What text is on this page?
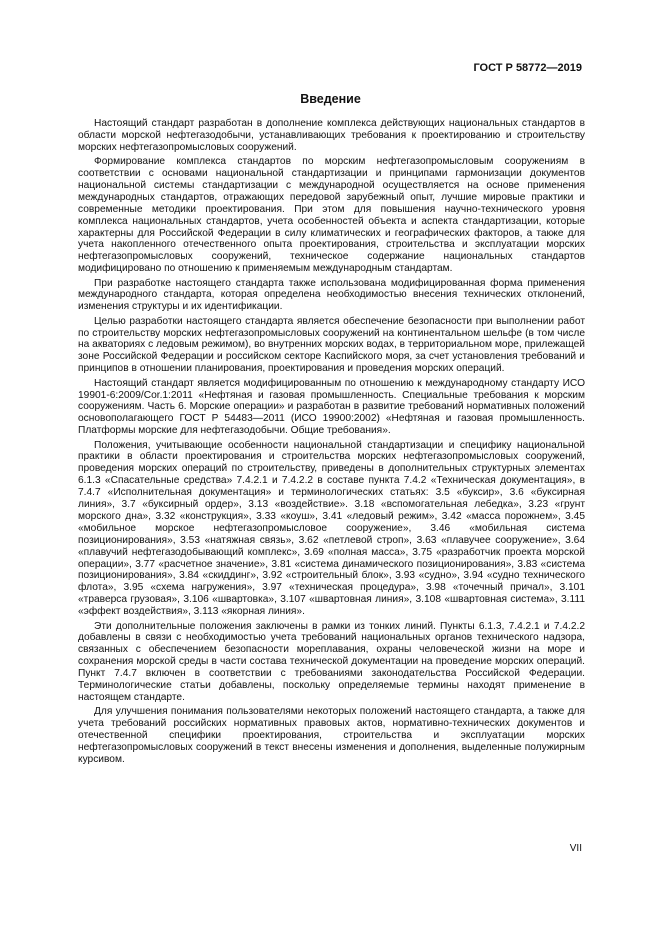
ГОСТ Р 58772—2019
Введение

Настоящий стандарт разработан в дополнение комплекса действующих национальных стандартов в области морской нефтегазодобычи, устанавливающих требования к проектированию и строительству морских нефтегазопромысловых сооружений.

Формирование комплекса стандартов по морским нефтегазопромысловым сооружениям в соответствии с основами национальной стандартизации и принципами гармонизации документов национальной системы стандартизации с международной осуществляется на основе применения международных стандартов, отражающих передовой зарубежный опыт, лучшие мировые практики и современные методики проектирования. При этом для повышения научно-технического уровня комплекса национальных стандартов, учета особенностей объекта и аспекта стандартизации, которые характерны для Российской Федерации в силу климатических и географических факторов, а также для учета накопленного отечественного опыта проектирования, строительства и эксплуатации морских нефтегазопромысловых сооружений, техническое содержание национальных стандартов модифицировано по отношению к применяемым международным стандартам.

При разработке настоящего стандарта также использована модифицированная форма применения международного стандарта, которая определена необходимостью внесения технических отклонений, изменения структуры и их идентификации.

Целью разработки настоящего стандарта является обеспечение безопасности при выполнении работ по строительству морских нефтегазопромысловых сооружений на континентальном шельфе (в том числе на акваториях с ледовым режимом), во внутренних морских водах, в территориальном море, прилежащей зоне Российской Федерации и российском секторе Каспийского моря, за счет установления требований и принципов в отношении планирования, проектирования и проведения морских операций.

Настоящий стандарт является модифицированным по отношению к международному стандарту ИСО 19901-6:2009/Cor.1:2011 «Нефтяная и газовая промышленность. Специальные требования к морским сооружениям. Часть 6. Морские операции» и разработан в развитие требований нормативных положений основополагающего ГОСТ Р 54483—2011 (ИСО 19900:2002) «Нефтяная и газовая промышленность. Платформы морские для нефтегазодобычи. Общие требования».

Положения, учитывающие особенности национальной стандартизации и специфику национальной практики в области проектирования и строительства морских нефтегазопромысловых сооружений, проведения морских операций по строительству, приведены в дополнительных структурных элементах 6.1.3 «Спасательные средства» 7.4.2.1 и 7.4.2.2 в составе пункта 7.4.2 «Техническая документация», в 7.4.7 «Исполнительная документация» и терминологических статьях: 3.5 «буксир», 3.6 «буксирная линия», 3.7 «буксирный ордер», 3.13 «воздействие». 3.18 «вспомогательная лебедка», 3.23 «грунт морского дна», 3.32 «конструкция», 3.33 «коуш», 3.41 «ледовый режим», 3.42 «масса порожнем», 3.45 «мобильное морское нефтегазопромысловое сооружение», 3.46 «мобильная система позиционирования», 3.53 «натяжная связь», 3.62 «петлевой строп», 3.63 «плавучее сооружение», 3.64 «плавучий нефтегазодобывающий комплекс», 3.69 «полная масса», 3.75 «разработчик проекта морской операции», 3.77 «расчетное значение», 3.81 «система динамического позиционирования», 3.83 «система позиционирования», 3.84 «скиддинг», 3.92 «строительный блок», 3.93 «судно», 3.94 «судно технического флота», 3.95 «схема нагружения», 3.97 «техническая процедура», 3.98 «точечный причал», 3.101 «траверса грузовая», 3.106 «швартовка», 3.107 «швартовная линия», 3.108 «швартовная система», 3.111 «эффект воздействия», 3.113 «якорная линия».

Эти дополнительные положения заключены в рамки из тонких линий. Пункты 6.1.3, 7.4.2.1 и 7.4.2.2 добавлены в связи с необходимостью учета требований национальных органов технического надзора, связанных с обеспечением безопасности мореплавания, охраны человеческой жизни на море и сохранения морской среды в части состава технической документации на проведение морских операций. Пункт 7.4.7 включен в соответствии с требованиями законодательства Российской Федерации. Терминологические статьи добавлены, поскольку определяемые термины находят применение в настоящем стандарте.

Для улучшения понимания пользователями некоторых положений настоящего стандарта, а также для учета требований российских нормативных правовых актов, нормативно-технических документов и отечественной специфики проектирования, строительства и эксплуатации морских нефтегазопромысловых сооружений в текст внесены изменения и дополнения, выделенные полужирным курсивом.

VII
